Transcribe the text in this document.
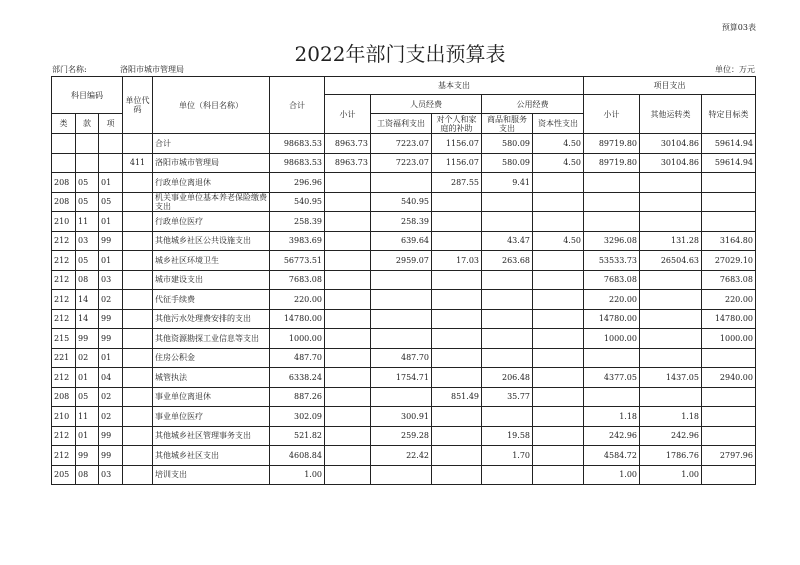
预算03表
2022年部门支出预算表
部门名称:	洛阳市城市管理局	单位：万元
科目编码			单位代码	单位（科目名称）	合计	基本支出					项目支出		
						小计	人员经费		公用经费		小计	其他运转类	特定目标类
类	款	项					工资福利支出	对个人和家庭的补助	商品和服务支出	资本性支出			
				合计	98683.53	8963.73	7223.07	1156.07	580.09	4.50	89719.80	30104.86	59614.94
			411	洛阳市城市管理局	98683.53	8963.73	7223.07	1156.07	580.09	4.50	89719.80	30104.86	59614.94
208	05	01		行政单位离退休	296.96			287.55	9.41				
208	05	05		机关事业单位基本养老保险缴费支出	540.95		540.95						
210	11	01		行政单位医疗	258.39		258.39						
212	03	99		其他城乡社区公共设施支出	3983.69		639.64		43.47	4.50	3296.08	131.28	3164.80
212	05	01		城乡社区环境卫生	56773.51		2959.07	17.03	263.68		53533.73	26504.63	27029.10
212	08	03		城市建设支出	7683.08						7683.08		7683.08
212	14	02		代征手续费	220.00						220.00		220.00
212	14	99		其他污水处理费安排的支出	14780.00						14780.00		14780.00
215	99	99		其他资源勘探工业信息等支出	1000.00						1000.00		1000.00
221	02	01		住房公积金	487.70		487.70						
212	01	04		城管执法	6338.24		1754.71		206.48		4377.05	1437.05	2940.00
208	05	02		事业单位离退休	887.26			851.49	35.77				
210	11	02		事业单位医疗	302.09		300.91				1.18	1.18	
212	01	99		其他城乡社区管理事务支出	521.82		259.28		19.58		242.96	242.96	
212	99	99		其他城乡社区支出	4608.84		22.42		1.70		4584.72	1786.76	2797.96
205	08	03		培训支出	1.00						1.00	1.00	
